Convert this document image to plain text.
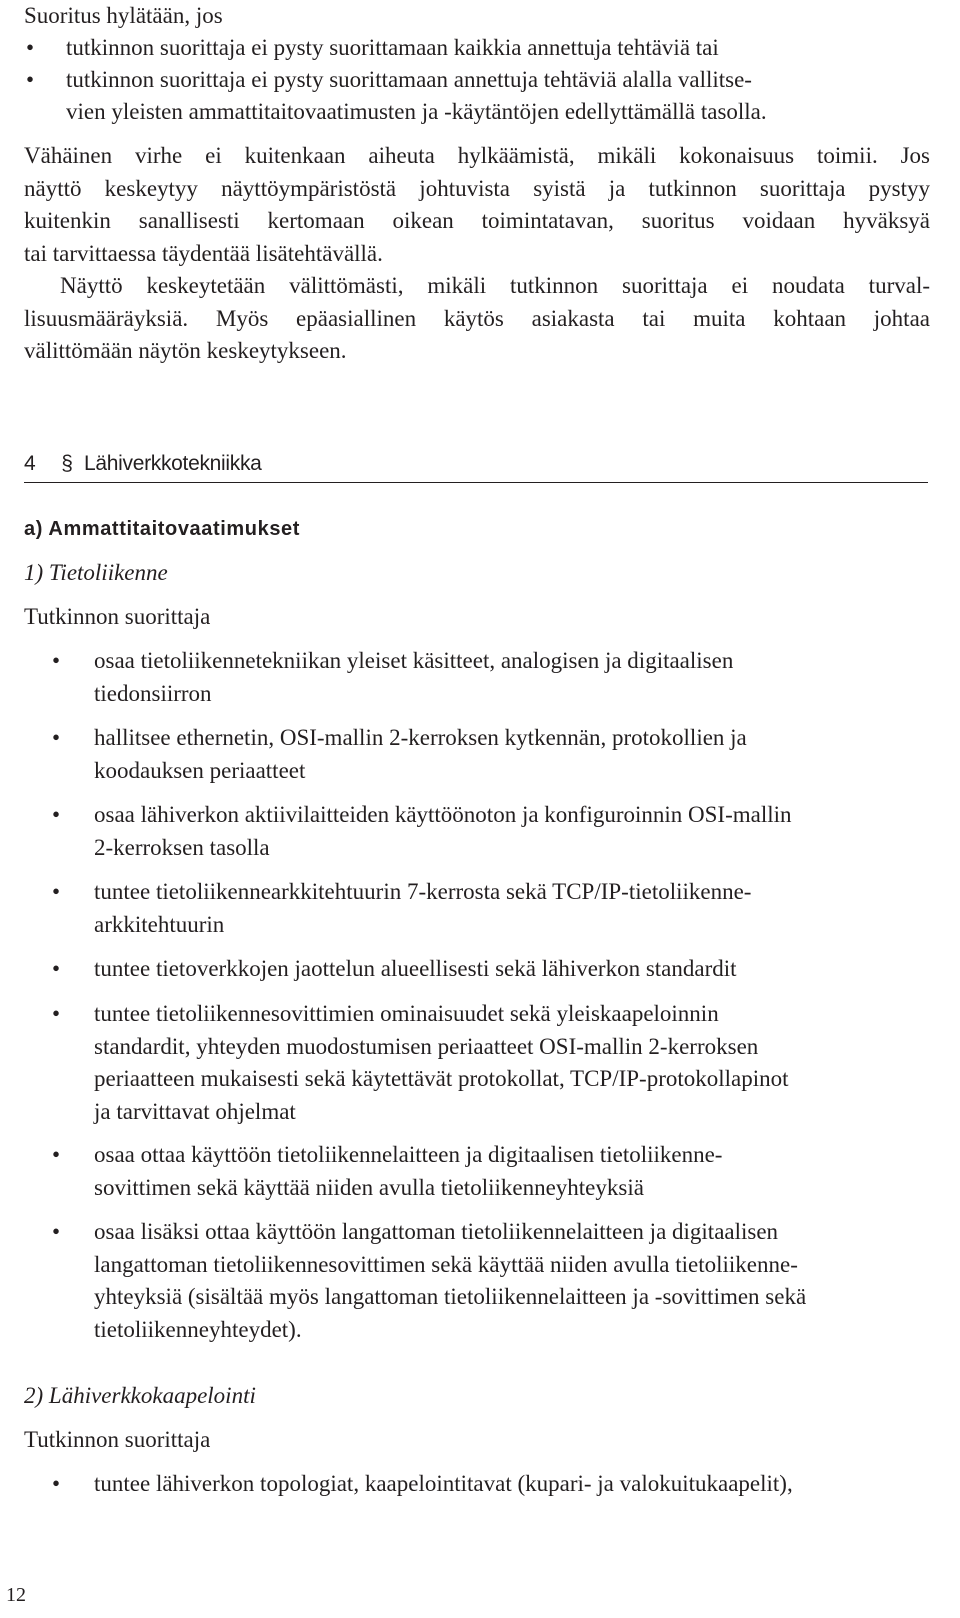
Suoritus hylätään, jos
• tutkinnon suorittaja ei pysty suorittamaan kaikkia annettuja tehtäviä tai
• tutkinnon suorittaja ei pysty suorittamaan annettuja tehtäviä alalla vallitse-
vien yleisten ammattitaitovaatimusten ja -käytäntöjen edellyttämällä tasolla.
Vähäinen virhe ei kuitenkaan aiheuta hylkäämistä, mikäli kokonaisuus toimii. Jos
näyttö keskeytyy näyttöympäristöstä johtuvista syistä ja tutkinnon suorittaja pystyy
kuitenkin sanallisesti kertomaan oikean toimintatavan, suoritus voidaan hyväksyä
tai tarvittaessa täydentää lisätehtävällä.
Näyttö keskeytetään välittömästi, mikäli tutkinnon suorittaja ei noudata turval-
lisuusmääräyksiä. Myös epäasiallinen käytös asiakasta tai muita kohtaan johtaa
välittömään näytön keskeytykseen.
4 § Lähiverkkotekniikka
a) Ammattitaitovaatimukset
1) Tietoliikenne
Tutkinnon suorittaja
• osaa tietoliikennetekniikan yleiset käsitteet, analogisen ja digitaalisen
tiedonsiirron
• hallitsee ethernetin, OSI-mallin 2-kerroksen kytkennän, protokollien ja
koodauksen periaatteet
• osaa lähiverkon aktiivilaitteiden käyttöönoton ja konfiguroinnin OSI-mallin
2-kerroksen tasolla
• tuntee tietoliikennearkkitehtuurin 7-kerrosta sekä TCP/IP-tietoliikenne-
arkkitehtuurin
• tuntee tietoverkkojen jaottelun alueellisesti sekä lähiverkon standardit
• tuntee tietoliikennesovittimien ominaisuudet sekä yleiskaapeloinnin
standardit, yhteyden muodostumisen periaatteet OSI-mallin 2-kerroksen
periaatteen mukaisesti sekä käytettävät protokollat, TCP/IP-protokollapinot
ja tarvittavat ohjelmat
• osaa ottaa käyttöön tietoliikennelaitteen ja digitaalisen tietoliikenne-
sovittimen sekä käyttää niiden avulla tietoliikenneyhteyksiä
• osaa lisäksi ottaa käyttöön langattoman tietoliikennelaitteen ja digitaalisen
langattoman tietoliikennesovittimen sekä käyttää niiden avulla tietoliikenne-
yhteyksiä (sisältää myös langattoman tietoliikennelaitteen ja -sovittimen sekä
tietoliikenneyhteydet).
2) Lähiverkkokaapelointi
Tutkinnon suorittaja
• tuntee lähiverkon topologiat, kaapelointitavat (kupari- ja valokuitukaapelit),
12
